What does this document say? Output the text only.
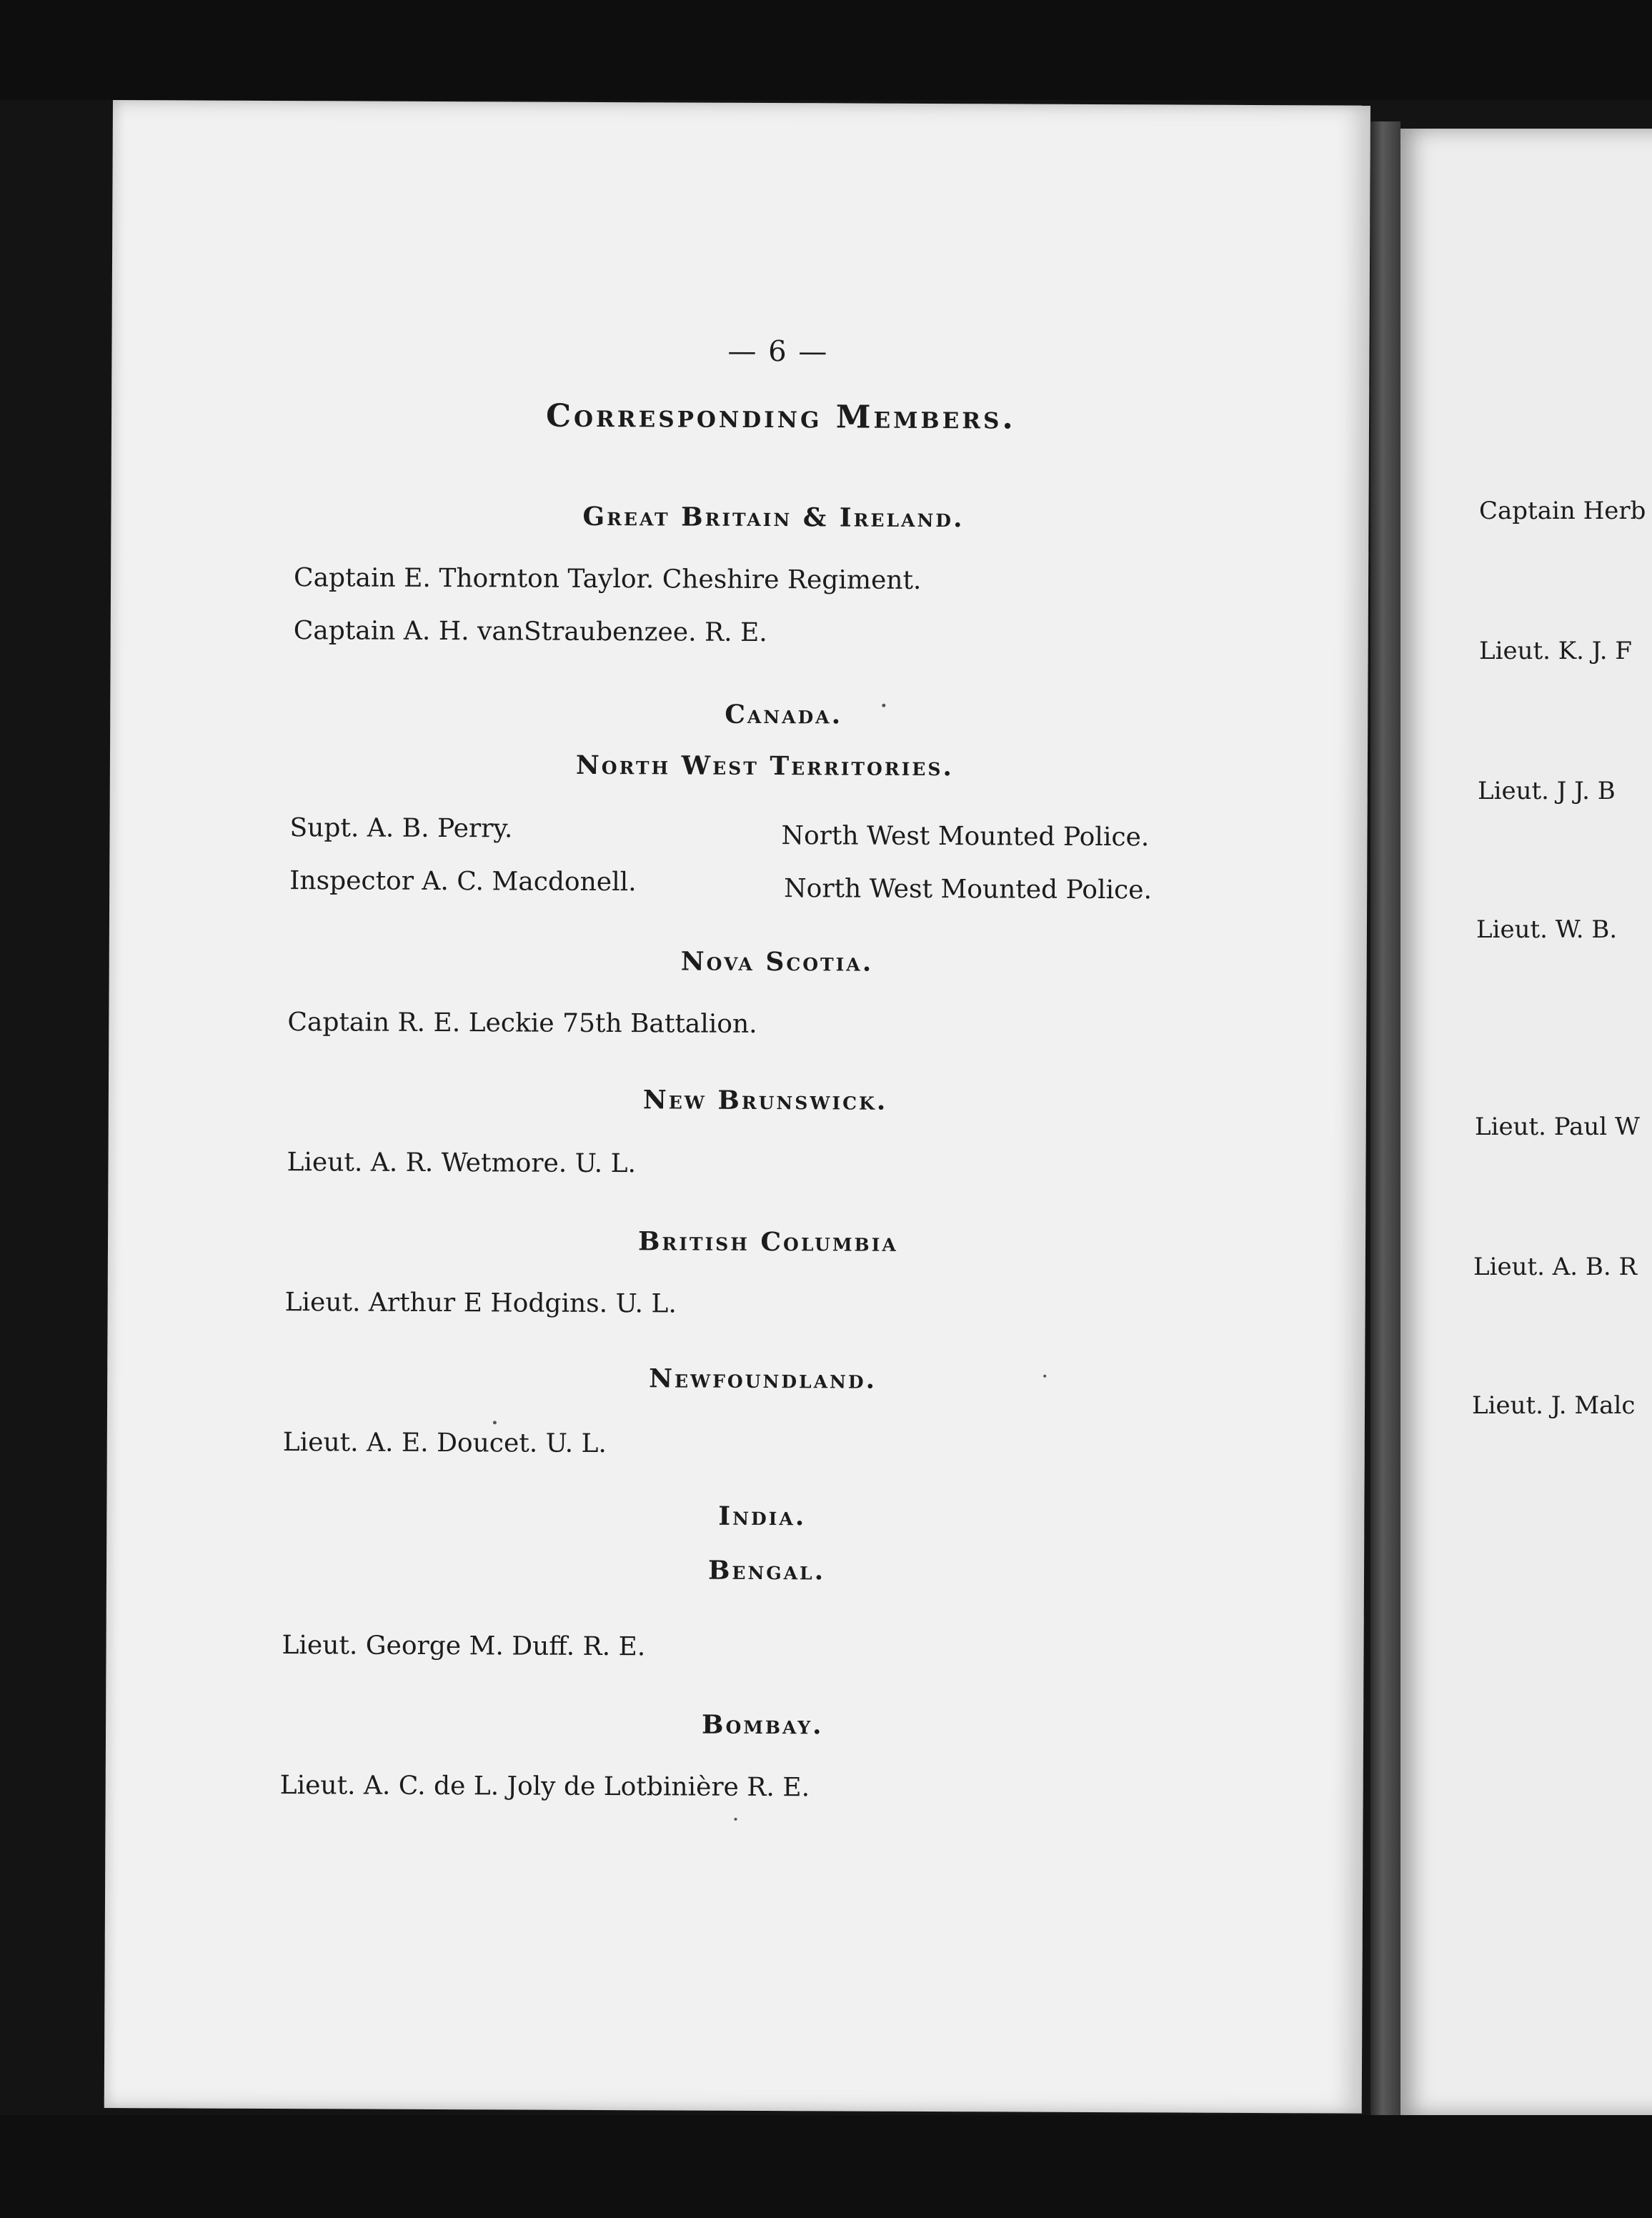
— 6 —
Corresponding Members.
Great Britain & Ireland.
Captain E. Thornton Taylor. Cheshire Regiment.
Captain A. H. vanStraubenzee. R. E.
Canada.
North West Territories.
Supt. A. B. Perry.	North West Mounted Police.
Inspector A. C. Macdonell.	North West Mounted Police.
Nova Scotia.
Captain R. E. Leckie 75th Battalion.
New Brunswick.
Lieut. A. R. Wetmore. U. L.
British Columbia
Lieut. Arthur E Hodgins. U. L.
Newfoundland.
Lieut. A. E. Doucet. U. L.
India.
Bengal.
Lieut. George M. Duff. R. E.
Bombay.
Lieut. A. C. de L. Joly de Lotbinière R. E.
Captain Herb
Lieut. K. J. F
Lieut. J J. B
Lieut. W. B.
Lieut. Paul W
Lieut. A. B. R
Lieut. J. Malc
